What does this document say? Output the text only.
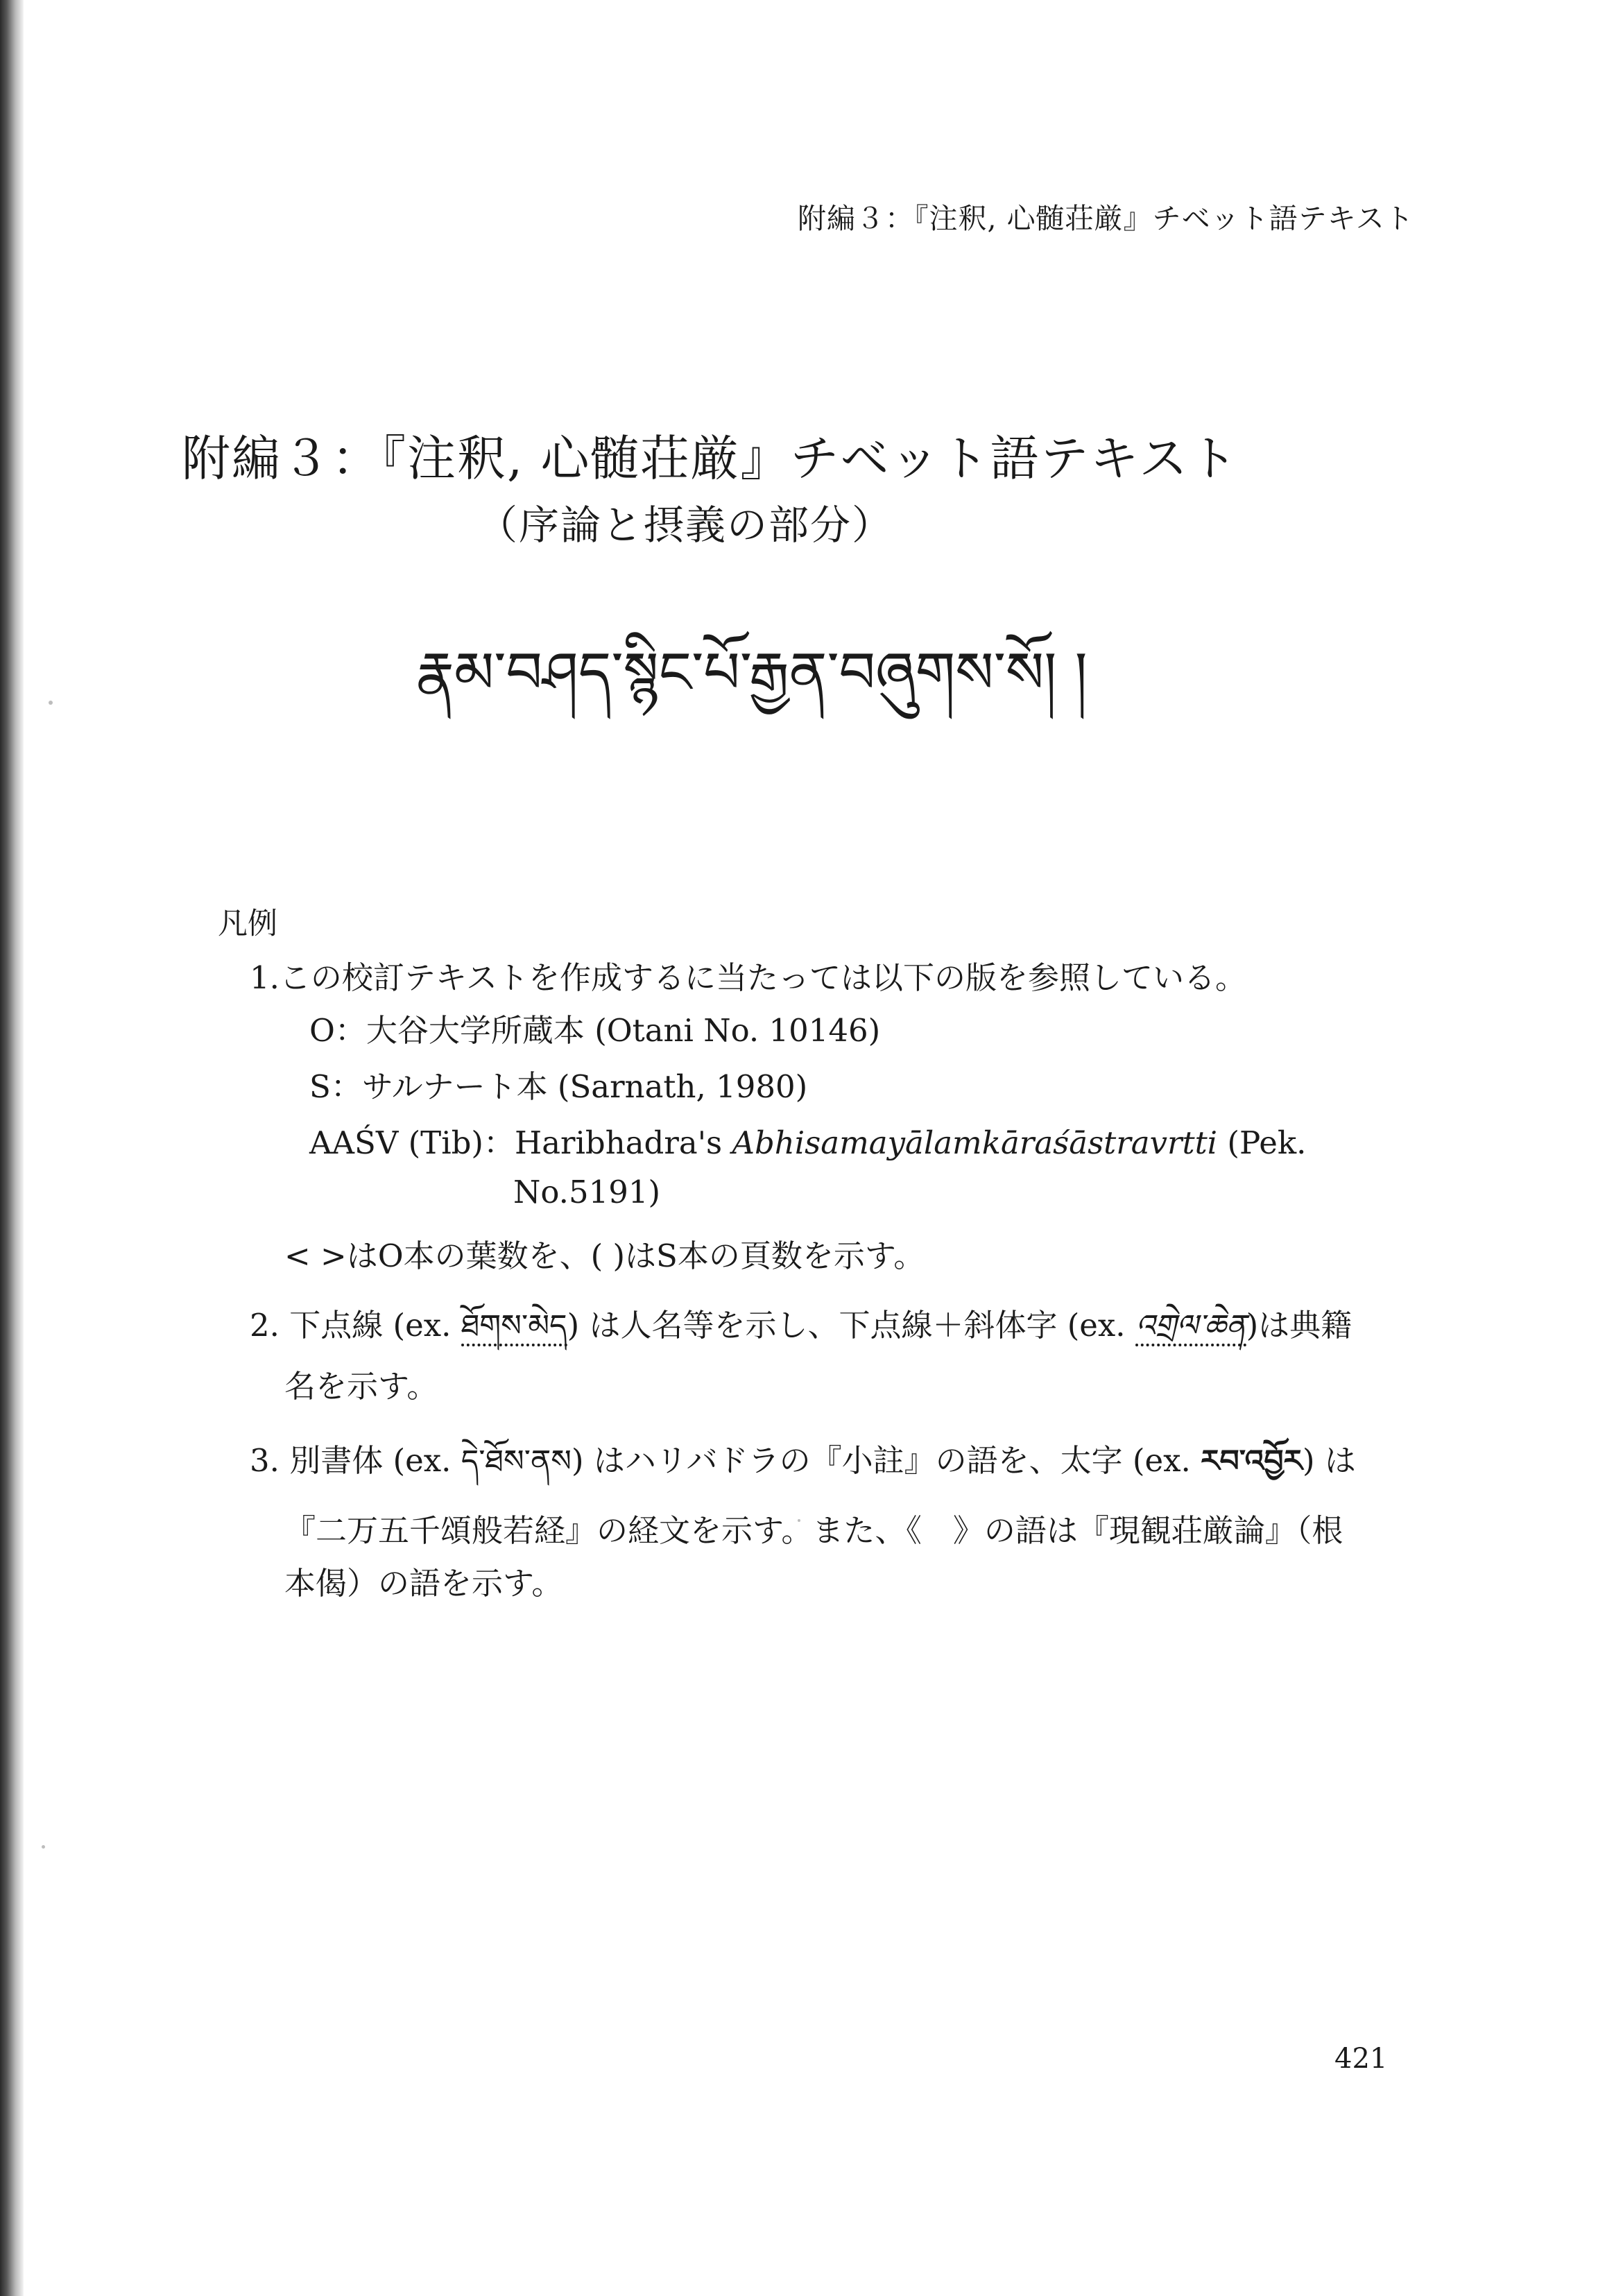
附編３：『注釈, 心髄荘厳』チベット語テキスト
附編３：『注釈, 心髄荘厳』チベット語テキスト
（序論と摂義の部分）
རྣམ་བཤད་སྙིང་པོ་རྒྱན་བཞུགས་སོ། །
凡例
1.この校訂テキストを作成するに当たっては以下の版を参照している。
O：大谷大学所蔵本 (Otani No. 10146)
S：サルナート本 (Sarnath, 1980)
AAŚV (Tib)：Haribhadra's Abhisamayālamkāraśāstravrtti (Pek.
No.5191)
< >はO本の葉数を、( )はS本の頁数を示す。
2. 下点線 (ex. ཐོགས་མེད) は人名等を示し、下点線＋斜体字 (ex. འགྲེལ་ཆེན)は典籍
名を示す。
3. 別書体 (ex. དེ་ཐོས་ནས) はハリバドラの『小註』の語を、太字 (ex. རབ་འབྱོར) は
『二万五千頌般若経』の経文を示す。また、《　》の語は『現観荘厳論』（根
本偈）の語を示す。
421
